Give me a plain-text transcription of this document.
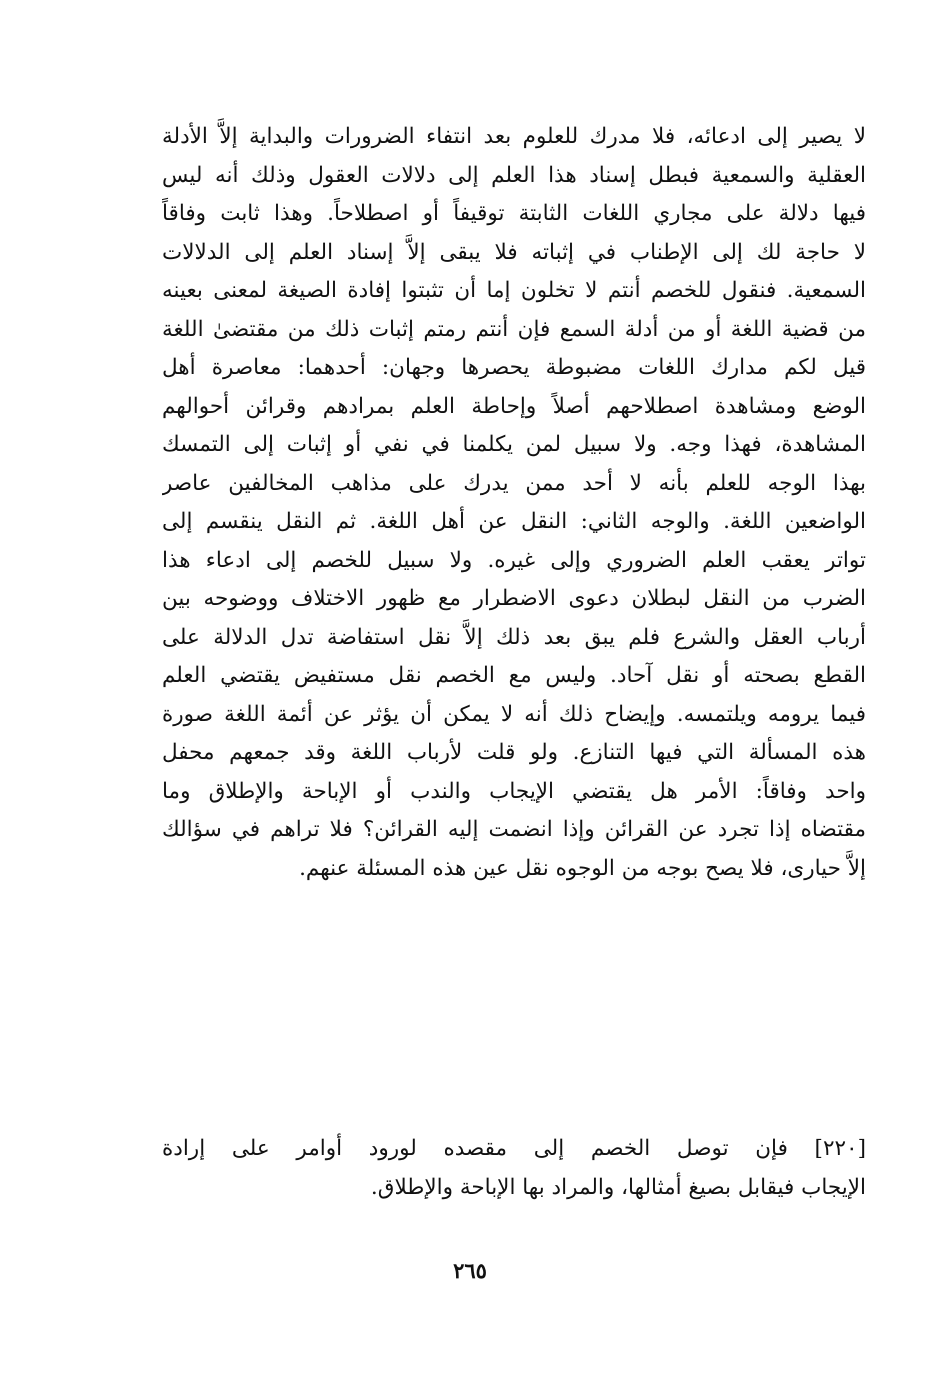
لا يصير إلى ادعائه، فلا مدرك للعلوم بعد انتفاء الضرورات والبداية إلاَّ الأدلة
العقلية والسمعية فبطل إسناد هذا العلم إلى دلالات العقول وذلك أنه ليس
فيها دلالة على مجاري اللغات الثابتة توقيفاً أو اصطلاحاً. وهذا ثابت وفاقاً
لا حاجة لك إلى الإطناب في إثباته فلا يبقى إلاَّ إسناد العلم إلى الدلالات
السمعية. فنقول للخصم أنتم لا تخلون إما أن تثبتوا إفادة الصيغة لمعنى بعينه
من قضية اللغة أو من أدلة السمع فإن أنتم رمتم إثبات ذلك من مقتضىٰ اللغة
قيل لكم مدارك اللغات مضبوطة يحصرها وجهان: أحدهما: معاصرة أهل
الوضع ومشاهدة اصطلاحهم أصلاً وإحاطة العلم بمرادهم وقرائن أحوالهم
المشاهدة، فهذا وجه. ولا سبيل لمن يكلمنا في نفي أو إثبات إلى التمسك
بهذا الوجه للعلم بأنه لا أحد ممن يدرك على مذاهب المخالفين عاصر
الواضعين اللغة. والوجه الثاني: النقل عن أهل اللغة. ثم النقل ينقسم إلى
تواتر يعقب العلم الضروري وإلى غيره. ولا سبيل للخصم إلى ادعاء هذا
الضرب من النقل لبطلان دعوى الاضطرار مع ظهور الاختلاف ووضوحه بين
أرباب العقل والشرع فلم يبق بعد ذلك إلاَّ نقل استفاضة تدل الدلالة على
القطع بصحته أو نقل آحاد. وليس مع الخصم نقل مستفيض يقتضي العلم
فيما يرومه ويلتمسه. وإيضاح ذلك أنه لا يمكن أن يؤثر عن أئمة اللغة صورة
هذه المسألة التي فيها التنازع. ولو قلت لأرباب اللغة وقد جمعهم محفل
واحد وفاقاً: الأمر هل يقتضي الإيجاب والندب أو الإباحة والإطلاق وما
مقتضاه إذا تجرد عن القرائن وإذا انضمت إليه القرائن؟ فلا تراهم في سؤالك
إلاَّ حيارى، فلا يصح بوجه من الوجوه نقل عين هذه المسئلة عنهم.
[٢٢٠] فإن توصل الخصم إلى مقصده لورود أوامر على إرادة
الإيجاب فيقابل بصيغ أمثالها، والمراد بها الإباحة والإطلاق.
٢٦٥
